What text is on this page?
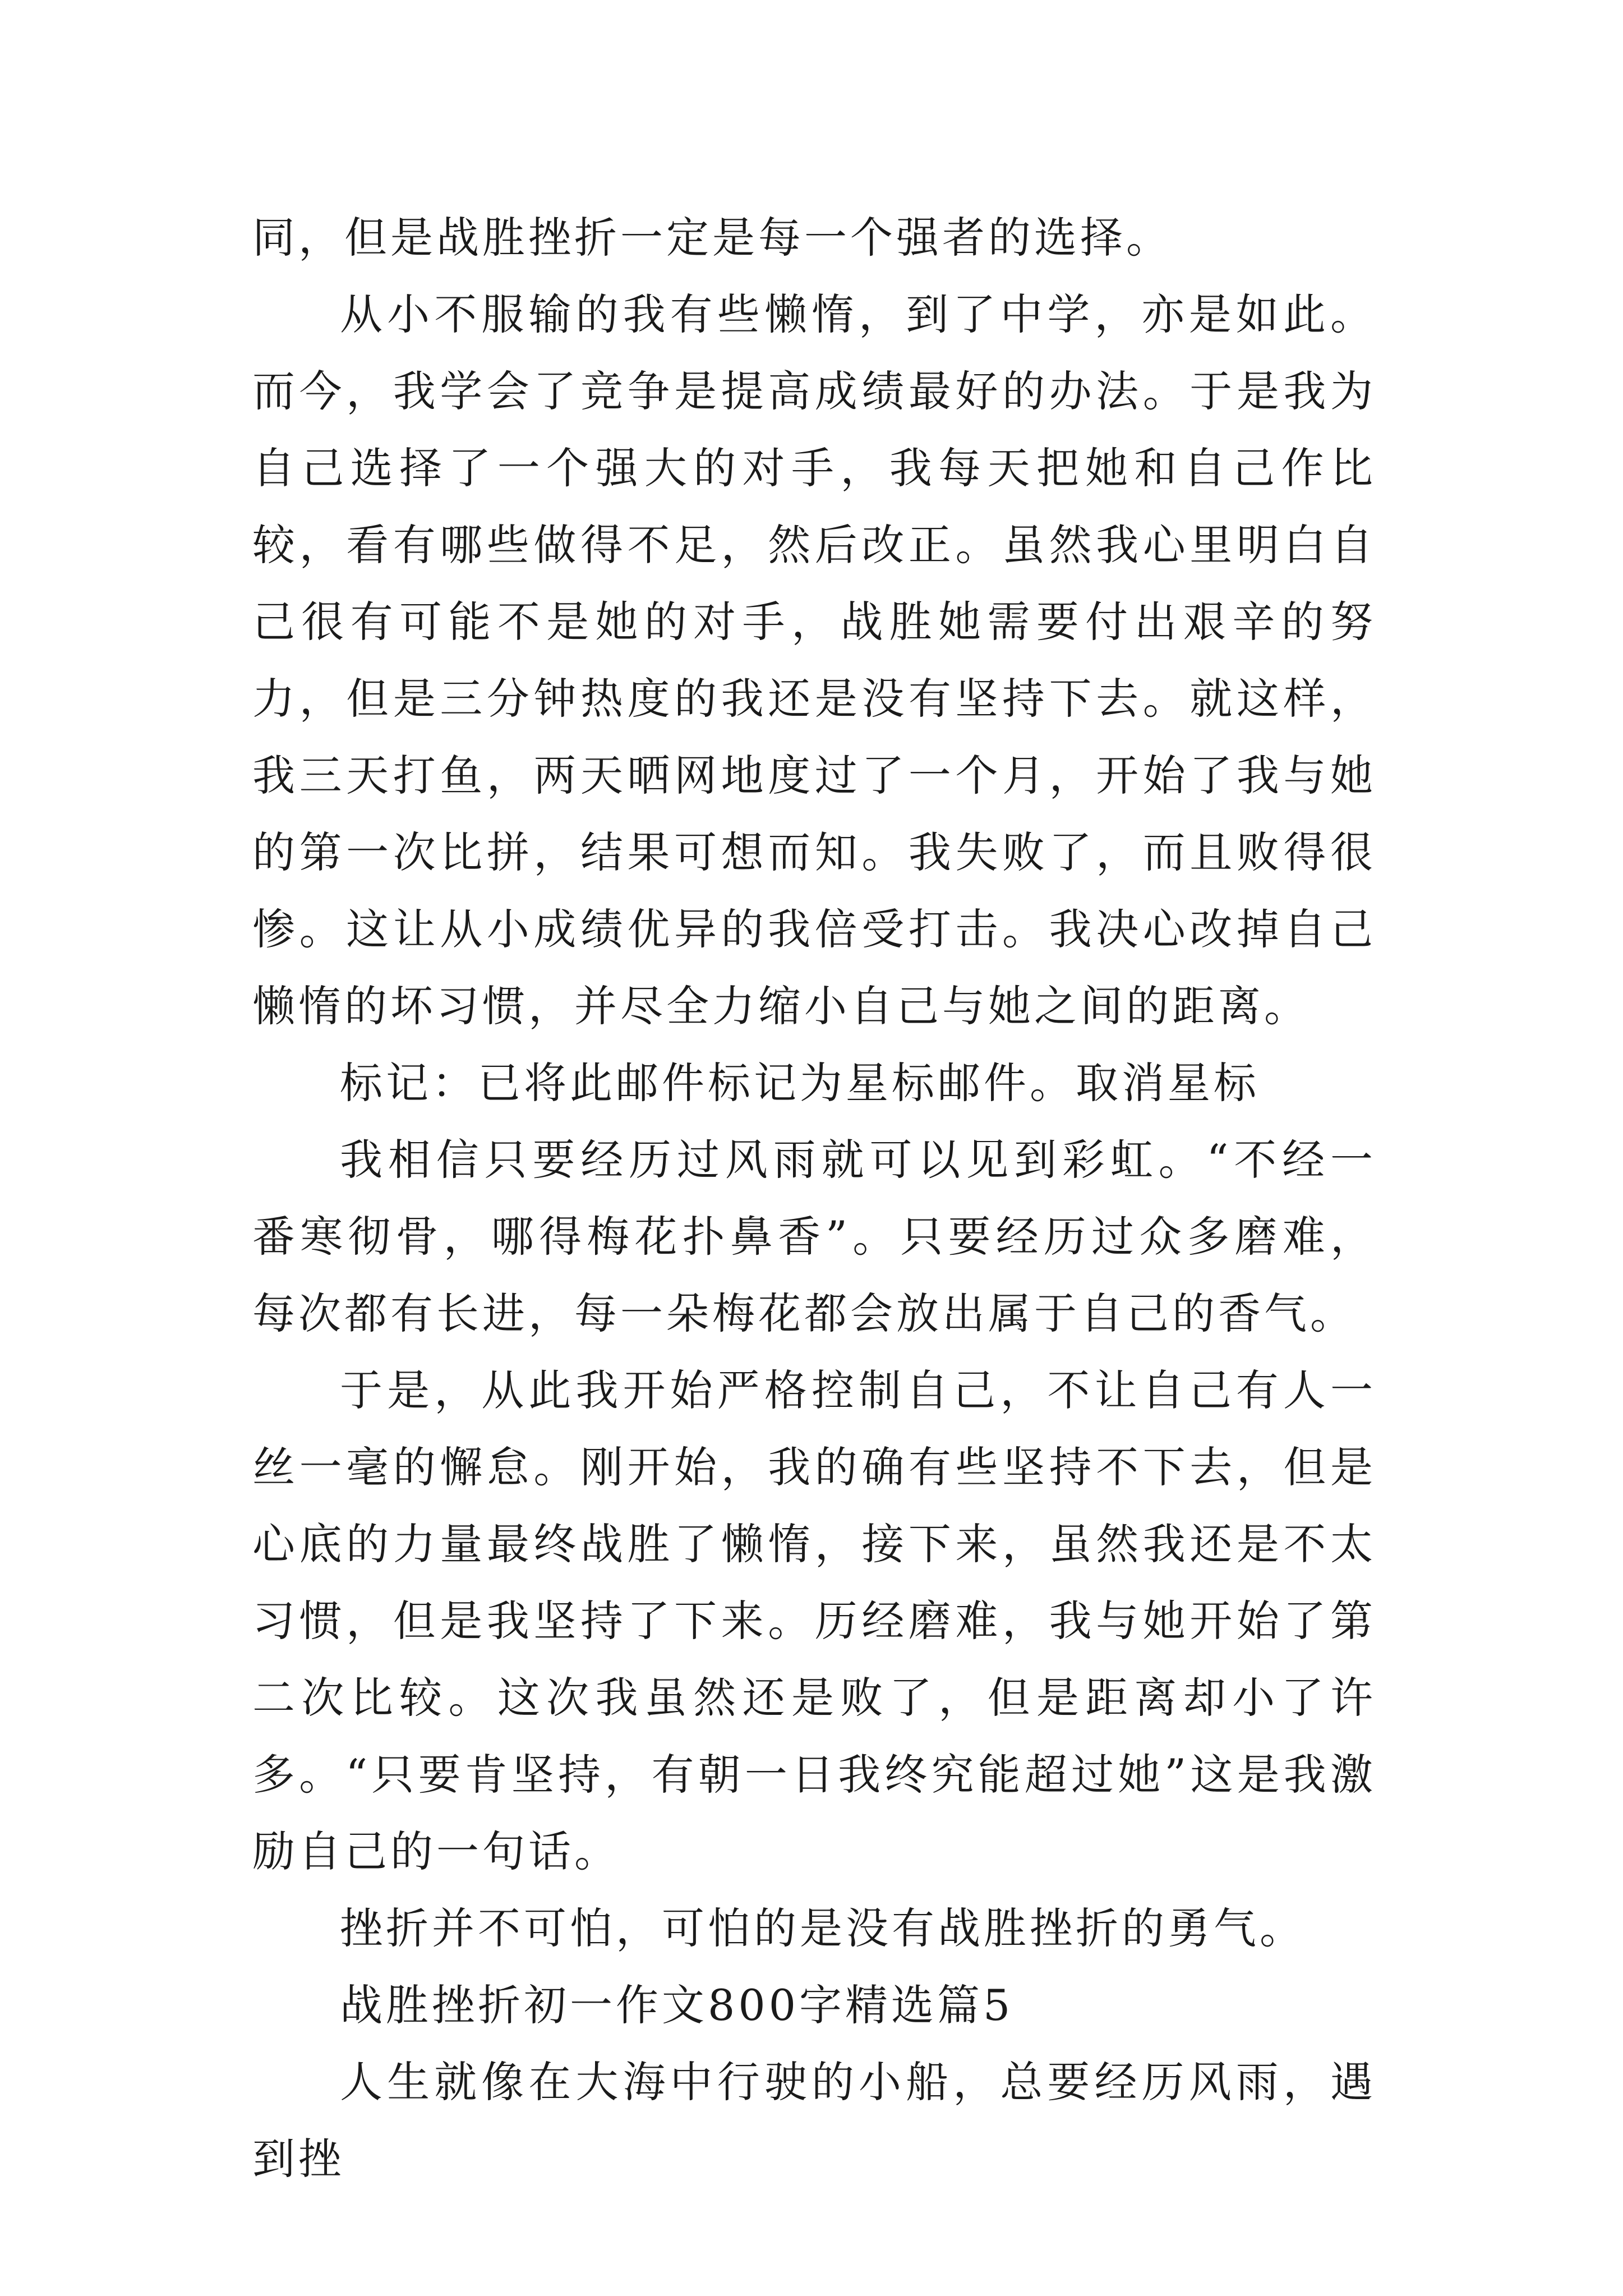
同，但是战胜挫折一定是每一个强者的选择。

从小不服输的我有些懒惰，到了中学，亦是如此。而今，我学会了竞争是提高成绩最好的办法。于是我为自己选择了一个强大的对手，我每天把她和自己作比较，看有哪些做得不足，然后改正。虽然我心里明白自己很有可能不是她的对手，战胜她需要付出艰辛的努力，但是三分钟热度的我还是没有坚持下去。就这样，我三天打鱼，两天晒网地度过了一个月，开始了我与她的第一次比拼，结果可想而知。我失败了，而且败得很惨。这让从小成绩优异的我倍受打击。我决心改掉自己懒惰的坏习惯，并尽全力缩小自己与她之间的距离。

标记：已将此邮件标记为星标邮件。取消星标

我相信只要经历过风雨就可以见到彩虹。“不经一番寒彻骨，哪得梅花扑鼻香”。只要经历过众多磨难，每次都有长进，每一朵梅花都会放出属于自己的香气。

于是，从此我开始严格控制自己，不让自己有人一丝一毫的懈怠。刚开始，我的确有些坚持不下去，但是心底的力量最终战胜了懒惰，接下来，虽然我还是不太习惯，但是我坚持了下来。历经磨难，我与她开始了第二次比较。这次我虽然还是败了，但是距离却小了许多。“只要肯坚持，有朝一日我终究能超过她”这是我激励自己的一句话。

挫折并不可怕，可怕的是没有战胜挫折的勇气。

战胜挫折初一作文800字精选篇5

人生就像在大海中行驶的小船，总要经历风雨，遇到挫
